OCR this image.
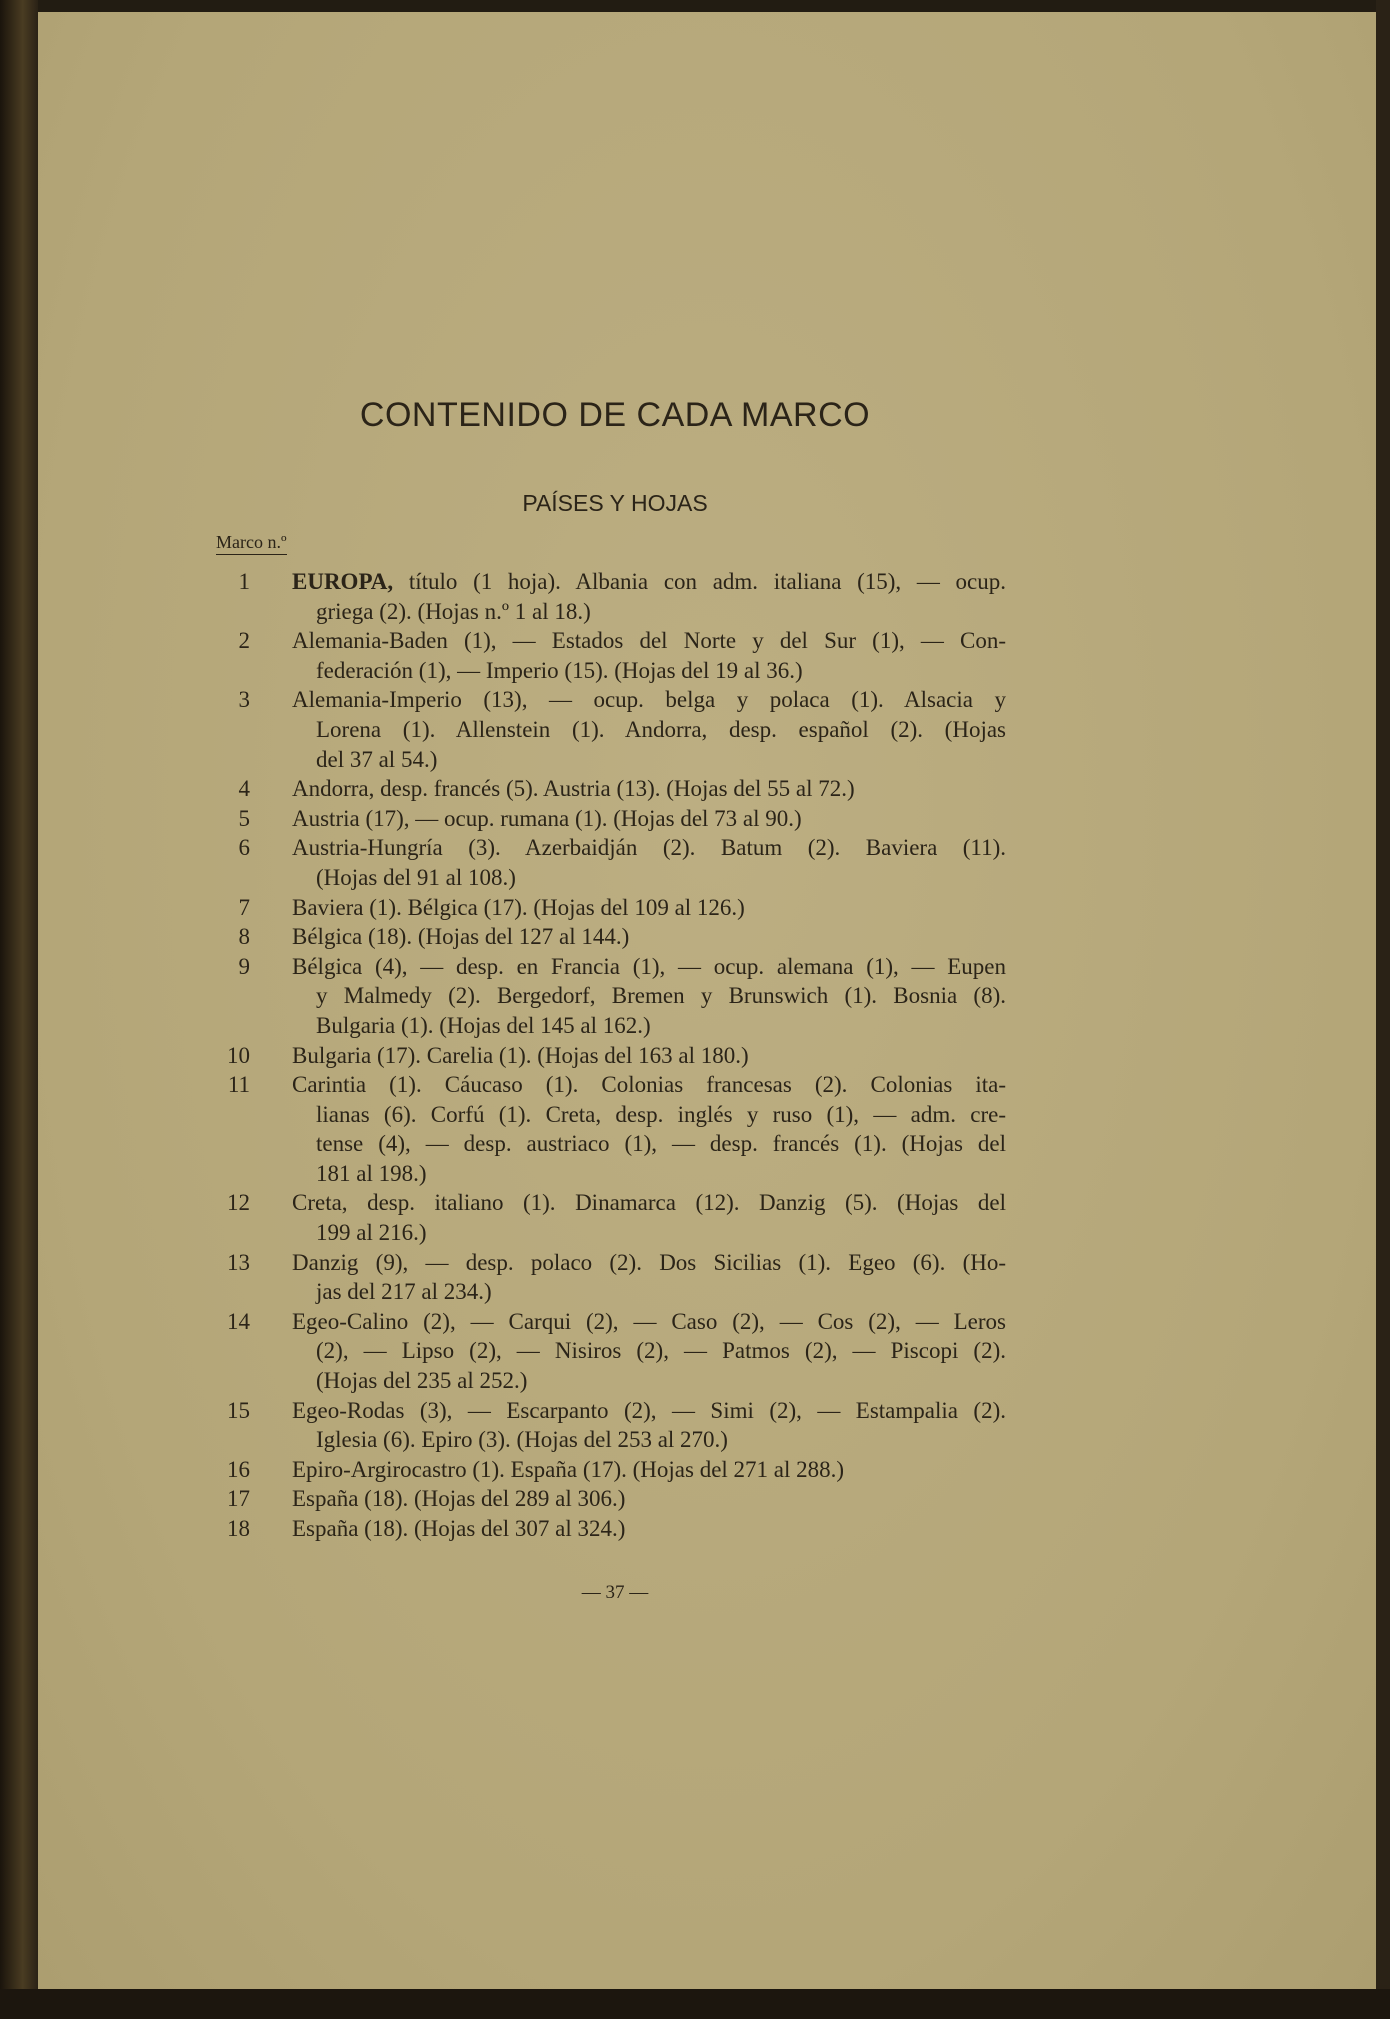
CONTENIDO DE CADA MARCO
PAÍSES Y HOJAS
Marco n.º
1 EUROPA, título (1 hoja). Albania con adm. italiana (15), — ocup.
griega (2). (Hojas n.º 1 al 18.)
2 Alemania-Baden (1), — Estados del Norte y del Sur (1), — Con-
federación (1), — Imperio (15). (Hojas del 19 al 36.)
3 Alemania-Imperio (13), — ocup. belga y polaca (1). Alsacia y
Lorena (1). Allenstein (1). Andorra, desp. español (2). (Hojas
del 37 al 54.)
4 Andorra, desp. francés (5). Austria (13). (Hojas del 55 al 72.)
5 Austria (17), — ocup. rumana (1). (Hojas del 73 al 90.)
6 Austria-Hungría (3). Azerbaidján (2). Batum (2). Baviera (11).
(Hojas del 91 al 108.)
7 Baviera (1). Bélgica (17). (Hojas del 109 al 126.)
8 Bélgica (18). (Hojas del 127 al 144.)
9 Bélgica (4), — desp. en Francia (1), — ocup. alemana (1), — Eupen
y Malmedy (2). Bergedorf, Bremen y Brunswich (1). Bosnia (8).
Bulgaria (1). (Hojas del 145 al 162.)
10 Bulgaria (17). Carelia (1). (Hojas del 163 al 180.)
11 Carintia (1). Cáucaso (1). Colonias francesas (2). Colonias ita-
lianas (6). Corfú (1). Creta, desp. inglés y ruso (1), — adm. cre-
tense (4), — desp. austriaco (1), — desp. francés (1). (Hojas del
181 al 198.)
12 Creta, desp. italiano (1). Dinamarca (12). Danzig (5). (Hojas del
199 al 216.)
13 Danzig (9), — desp. polaco (2). Dos Sicilias (1). Egeo (6). (Ho-
jas del 217 al 234.)
14 Egeo-Calino (2), — Carqui (2), — Caso (2), — Cos (2), — Leros
(2), — Lipso (2), — Nisiros (2), — Patmos (2), — Piscopi (2).
(Hojas del 235 al 252.)
15 Egeo-Rodas (3), — Escarpanto (2), — Simi (2), — Estampalia (2).
Iglesia (6). Epiro (3). (Hojas del 253 al 270.)
16 Epiro-Argirocastro (1). España (17). (Hojas del 271 al 288.)
17 España (18). (Hojas del 289 al 306.)
18 España (18). (Hojas del 307 al 324.)
— 37 —
